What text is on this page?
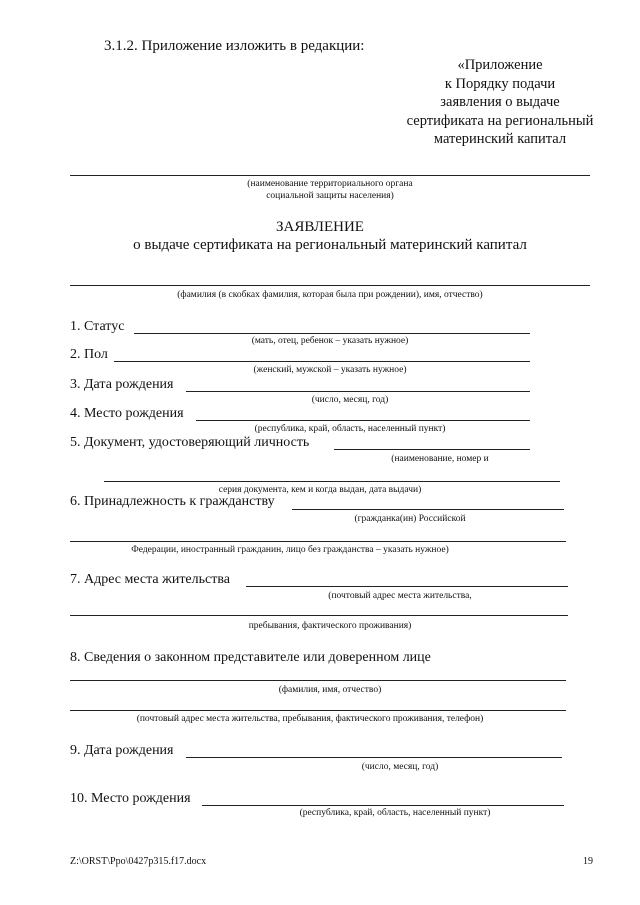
3.1.2. Приложение изложить в редакции:
«Приложение
к Порядку подачи
заявления о выдаче
сертификата на региональный
материнский капитал
(наименование территориального органа
социальной защиты населения)
ЗАЯВЛЕНИЕ
о выдаче сертификата на региональный материнский капитал
(фамилия (в скобках фамилия, которая была при рождении), имя, отчество)
1. Статус
(мать, отец, ребенок – указать нужное)
2. Пол
(женский, мужской – указать нужное)
3. Дата рождения
(число, месяц, год)
4. Место рождения
(республика, край, область, населенный пункт)
5. Документ, удостоверяющий личность
(наименование, номер и
серия документа, кем и когда выдан, дата выдачи)
6. Принадлежность к гражданству
(гражданка(ин) Российской
Федерации, иностранный гражданин, лицо без гражданства – указать нужное)
7. Адрес места жительства
(почтовый адрес места жительства,
пребывания, фактического проживания)
8. Сведения о законном представителе или доверенном лице
(фамилия, имя, отчество)
(почтовый адрес места жительства, пребывания, фактического проживания, телефон)
9. Дата рождения
(число, месяц, год)
10. Место рождения
(республика, край, область, населенный пункт)
Z:\ORST\Ppo\0427p315.f17.docx	19
